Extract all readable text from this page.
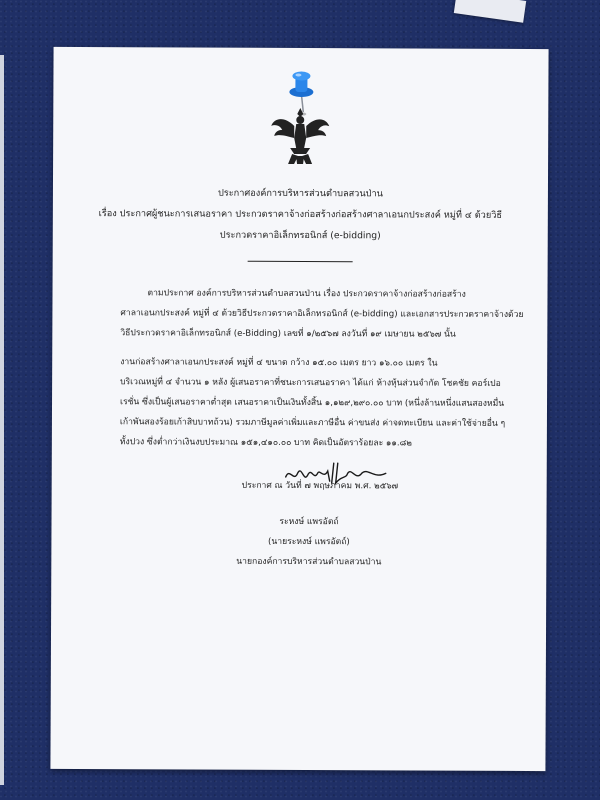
ประกาศองค์การบริหารส่วนตำบลสวนป่าน
เรื่อง ประกาศผู้ชนะการเสนอราคา ประกวดราคาจ้างก่อสร้างก่อสร้างศาลาเอนกประสงค์ หมู่ที่ ๔ ด้วยวิธี
ประกวดราคาอิเล็กทรอนิกส์ (e-bidding)
ตามประกาศ องค์การบริหารส่วนตำบลสวนป่าน เรื่อง ประกวดราคาจ้างก่อสร้างก่อสร้าง
ศาลาเอนกประสงค์ หมู่ที่ ๔ ด้วยวิธีประกวดราคาอิเล็กทรอนิกส์ (e-bidding) และเอกสารประกวดราคาจ้างด้วย
วิธีประกวดราคาอิเล็กทรอนิกส์ (e-Bidding) เลขที่ ๑/๒๕๖๗ ลงวันที่ ๑๙ เมษายน ๒๕๖๗ นั้น
งานก่อสร้างศาลาเอนกประสงค์ หมู่ที่ ๔ ขนาด กว้าง ๑๕.๐๐ เมตร ยาว ๑๖.๐๐ เมตร ใน
บริเวณหมู่ที่ ๔ จำนวน ๑ หลัง ผู้เสนอราคาที่ชนะการเสนอราคา ได้แก่ ห้างหุ้นส่วนจำกัด โชคชัย คอร์เปอ
เรชั่น ซึ่งเป็นผู้เสนอราคาต่ำสุด เสนอราคาเป็นเงินทั้งสิ้น ๑,๑๒๙,๒๙๐.๐๐ บาท (หนึ่งล้านหนึ่งแสนสองหมื่น
เก้าพันสองร้อยเก้าสิบบาทถ้วน) รวมภาษีมูลค่าเพิ่มและภาษีอื่น ค่าขนส่ง ค่าจดทะเบียน และค่าใช้จ่ายอื่น ๆ
ทั้งปวง ซึ่งต่ำกว่าเงินงบประมาณ ๑๕๑,๔๑๐.๐๐ บาท คิดเป็นอัตราร้อยละ ๑๑.๘๒
ประกาศ ณ วันที่ ๗ พฤษภาคม พ.ศ. ๒๕๖๗
ระหงษ์ แพรอัตถ์
(นายระหงษ์ แพรอัตถ์)
นายกองค์การบริหารส่วนตำบลสวนป่าน
